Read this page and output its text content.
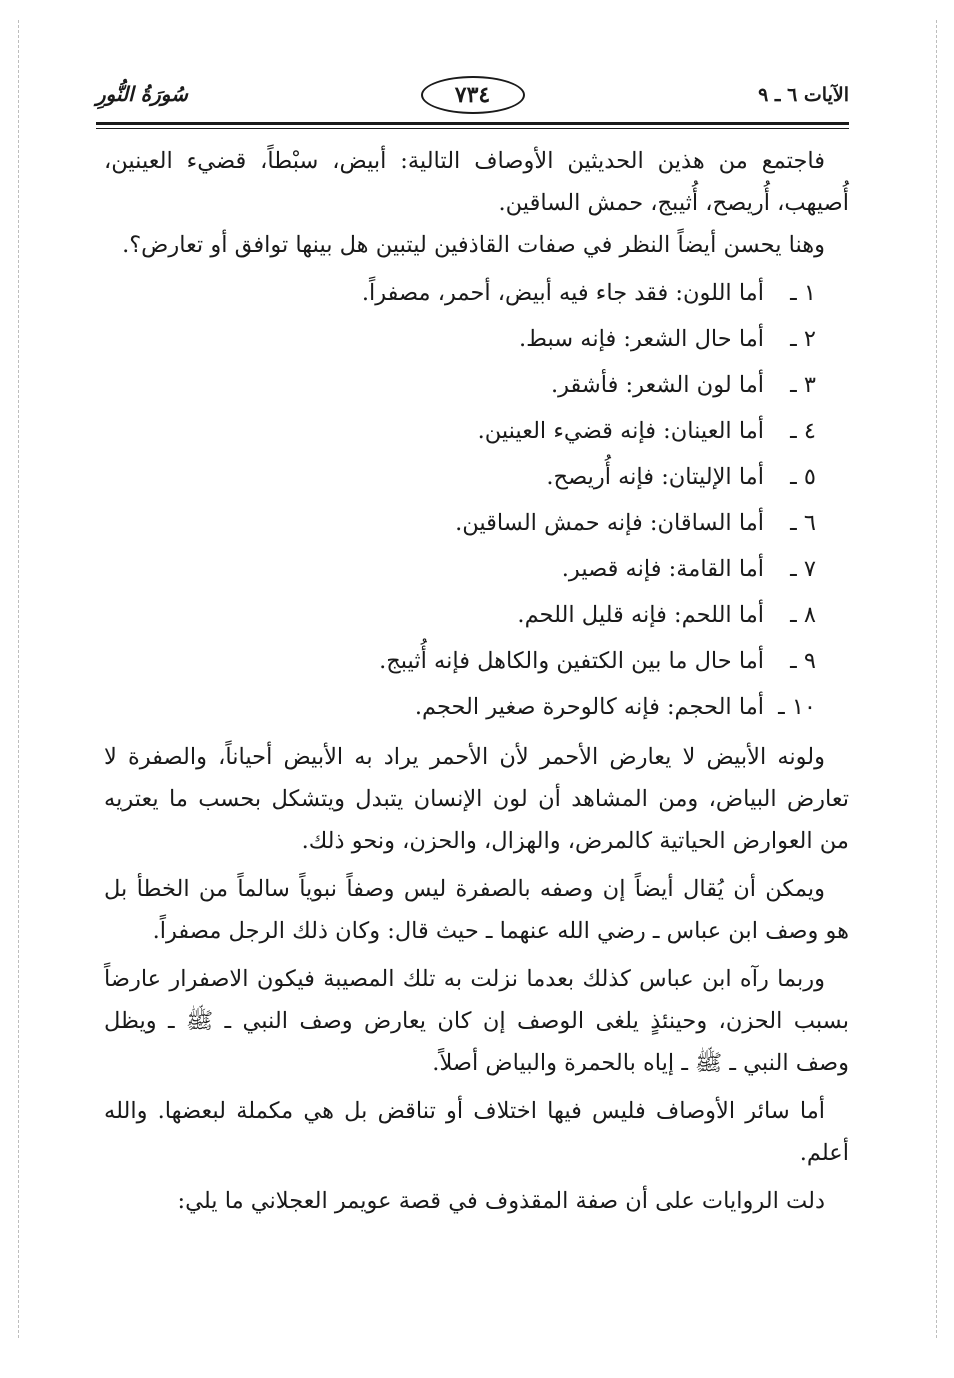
الآيات ٦ ـ ٩
٧٣٤
سُورَةُ النُّورِ

فاجتمع من هذين الحديثين الأوصاف التالية: أبيض، سبْطاً، قضيء العينين، أُصيهب، أُريصح، أُثيبج، حمش الساقين.

وهنا يحسن أيضاً النظر في صفات القاذفين ليتبين هل بينها توافق أو تعارض؟.

١ ـأما اللون: فقد جاء فيه أبيض، أحمر، مصفراً.
٢ ـأما حال الشعر: فإنه سبط.
٣ ـأما لون الشعر: فأشقر.
٤ ـأما العينان: فإنه قضيء العينين.
٥ ـأما الإليتان: فإنه أُريصح.
٦ ـأما الساقان: فإنه حمش الساقين.
٧ ـأما القامة: فإنه قصير.
٨ ـأما اللحم: فإنه قليل اللحم.
٩ ـأما حال ما بين الكتفين والكاهل فإنه أُثيبج.
١٠ ـأما الحجم: فإنه كالوحرة صغير الحجم.

ولونه الأبيض لا يعارض الأحمر لأن الأحمر يراد به الأبيض أحياناً، والصفرة لا تعارض البياض، ومن المشاهد أن لون الإنسان يتبدل ويتشكل بحسب ما يعتريه من العوارض الحياتية كالمرض، والهزال، والحزن، ونحو ذلك.

ويمكن أن يُقال أيضاً إن وصفه بالصفرة ليس وصفاً نبوياً سالماً من الخطأ بل هو وصف ابن عباس ـ رضي الله عنهما ـ حيث قال: وكان ذلك الرجل مصفراً.

وربما رآه ابن عباس كذلك بعدما نزلت به تلك المصيبة فيكون الاصفرار عارضاً بسبب الحزن، وحينئذٍ يلغى الوصف إن كان يعارض وصف النبي ـ ﷺ ـ ويظل وصف النبي ـ ﷺ ـ إياه بالحمرة والبياض أصلاً.

أما سائر الأوصاف فليس فيها اختلاف أو تناقض بل هي مكملة لبعضها. والله أعلم.

دلت الروايات على أن صفة المقذوف في قصة عويمر العجلاني ما يلي:
